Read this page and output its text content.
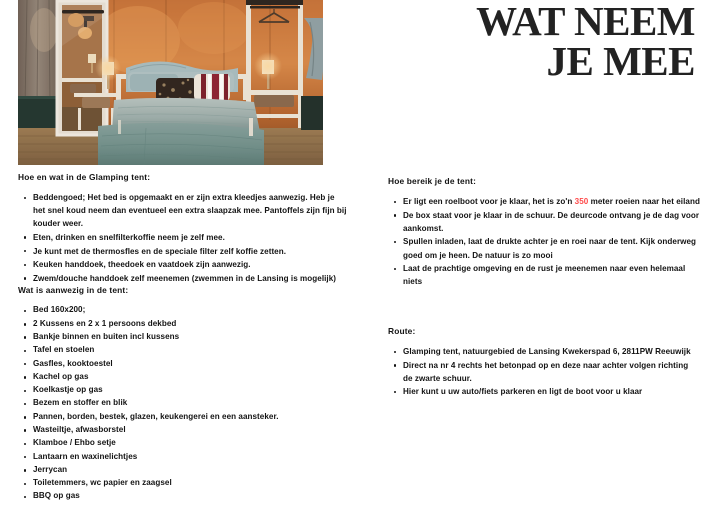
Hoe en wat in de Glamping tent:
Beddengoed; Het bed is opgemaakt en er zijn extra kleedjes aanwezig. Heb je het snel koud neem dan eventueel een extra slaapzak mee. Pantoffels zijn fijn bij kouder weer.
Eten, drinken en snelfilterkoffie neem je zelf mee.
Je kunt met de thermosfles en de speciale filter zelf koffie zetten.
Keuken handdoek, theedoek en vaatdoek zijn aanwezig.
Zwem/douche handdoek zelf meenemen (zwemmen in de Lansing is mogelijk)
Wat is aanwezig in de tent:
Bed 160x200;
2 Kussens en 2 x 1 persoons dekbed
Bankje binnen en buiten incl kussens
Tafel en stoelen
Gasfles, kooktoestel
Kachel op gas
Koelkastje op gas
Bezem en stoffer en blik
Pannen, borden, bestek, glazen, keukengerei en een aansteker.
Wasteiltje, afwasborstel
Klamboe / Ehbo setje
Lantaarn en waxinelichtjes
Jerrycan
Toiletemmers, wc papier en zaagsel
BBQ op gas
WAT NEEM
JE MEE
Hoe bereik je de tent:
Er ligt een roelboot voor je klaar, het is zo'n 350 meter roeien naar het eiland
De box staat voor je klaar in de schuur. De deurcode ontvang je de dag voor aankomst.
Spullen inladen, laat de drukte achter je en roei naar de tent. Kijk onderweg goed om je heen. De natuur is zo mooi
Laat de prachtige omgeving en de rust je meenemen naar even helemaal niets
Route:
Glamping tent, natuurgebied de Lansing Kwekerspad 6, 2811PW Reeuwijk
Direct na nr 4 rechts het betonpad op en deze naar achter volgen richting de zwarte schuur.
Hier kunt u uw auto/fiets parkeren en ligt de boot voor u klaar
